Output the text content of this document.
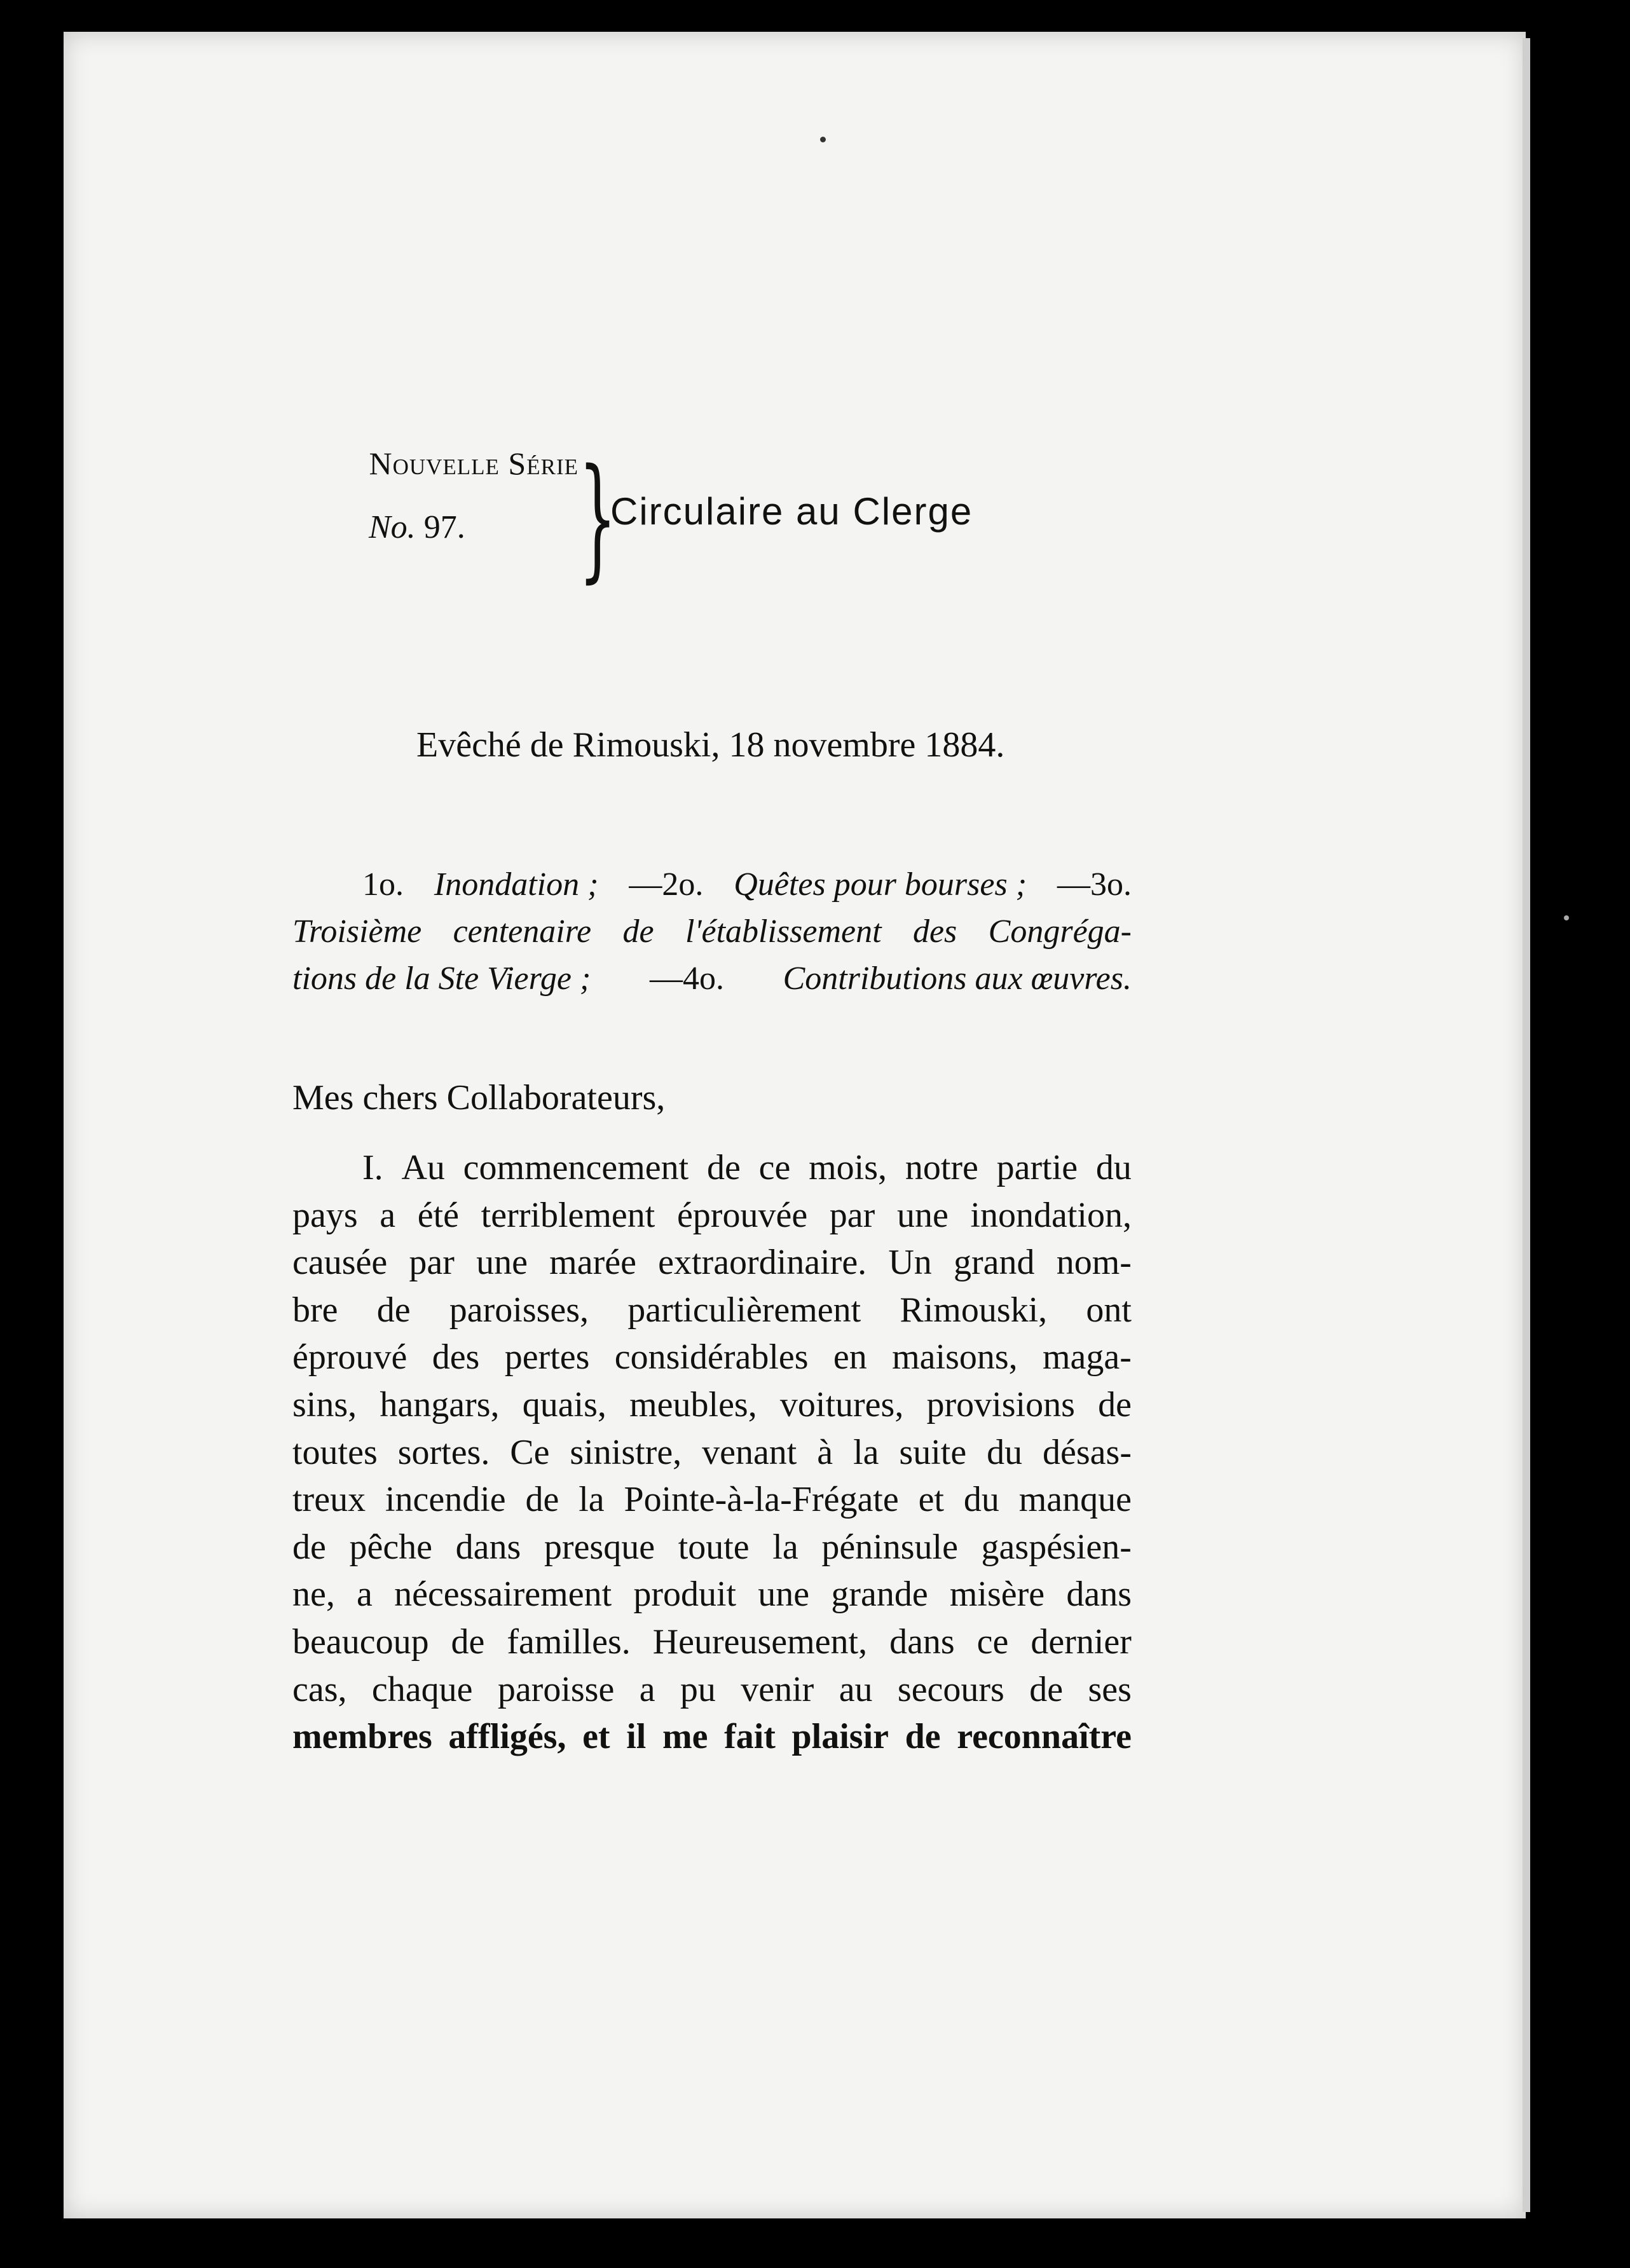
Nouvelle Série
No. 97. }
Circulaire au Clerge
Evêché de Rimouski, 18 novembre 1884.
1o. Inondation ; —2o. Quêtes pour bourses ; —3o.
Troisième centenaire de l'établissement des Congréga-
tions de la Ste Vierge ; —4o. Contributions aux œuvres.
Mes chers Collaborateurs,
I. Au commencement de ce mois, notre partie du
pays a été terriblement éprouvée par une inondation,
causée par une marée extraordinaire. Un grand nom-
bre de paroisses, particulièrement Rimouski, ont
éprouvé des pertes considérables en maisons, maga-
sins, hangars, quais, meubles, voitures, provisions de
toutes sortes. Ce sinistre, venant à la suite du désas-
treux incendie de la Pointe-à-la-Frégate et du manque
de pêche dans presque toute la péninsule gaspésien-
ne, a nécessairement produit une grande misère dans
beaucoup de familles. Heureusement, dans ce dernier
cas, chaque paroisse a pu venir au secours de ses
membres affligés, et il me fait plaisir de reconnaître
